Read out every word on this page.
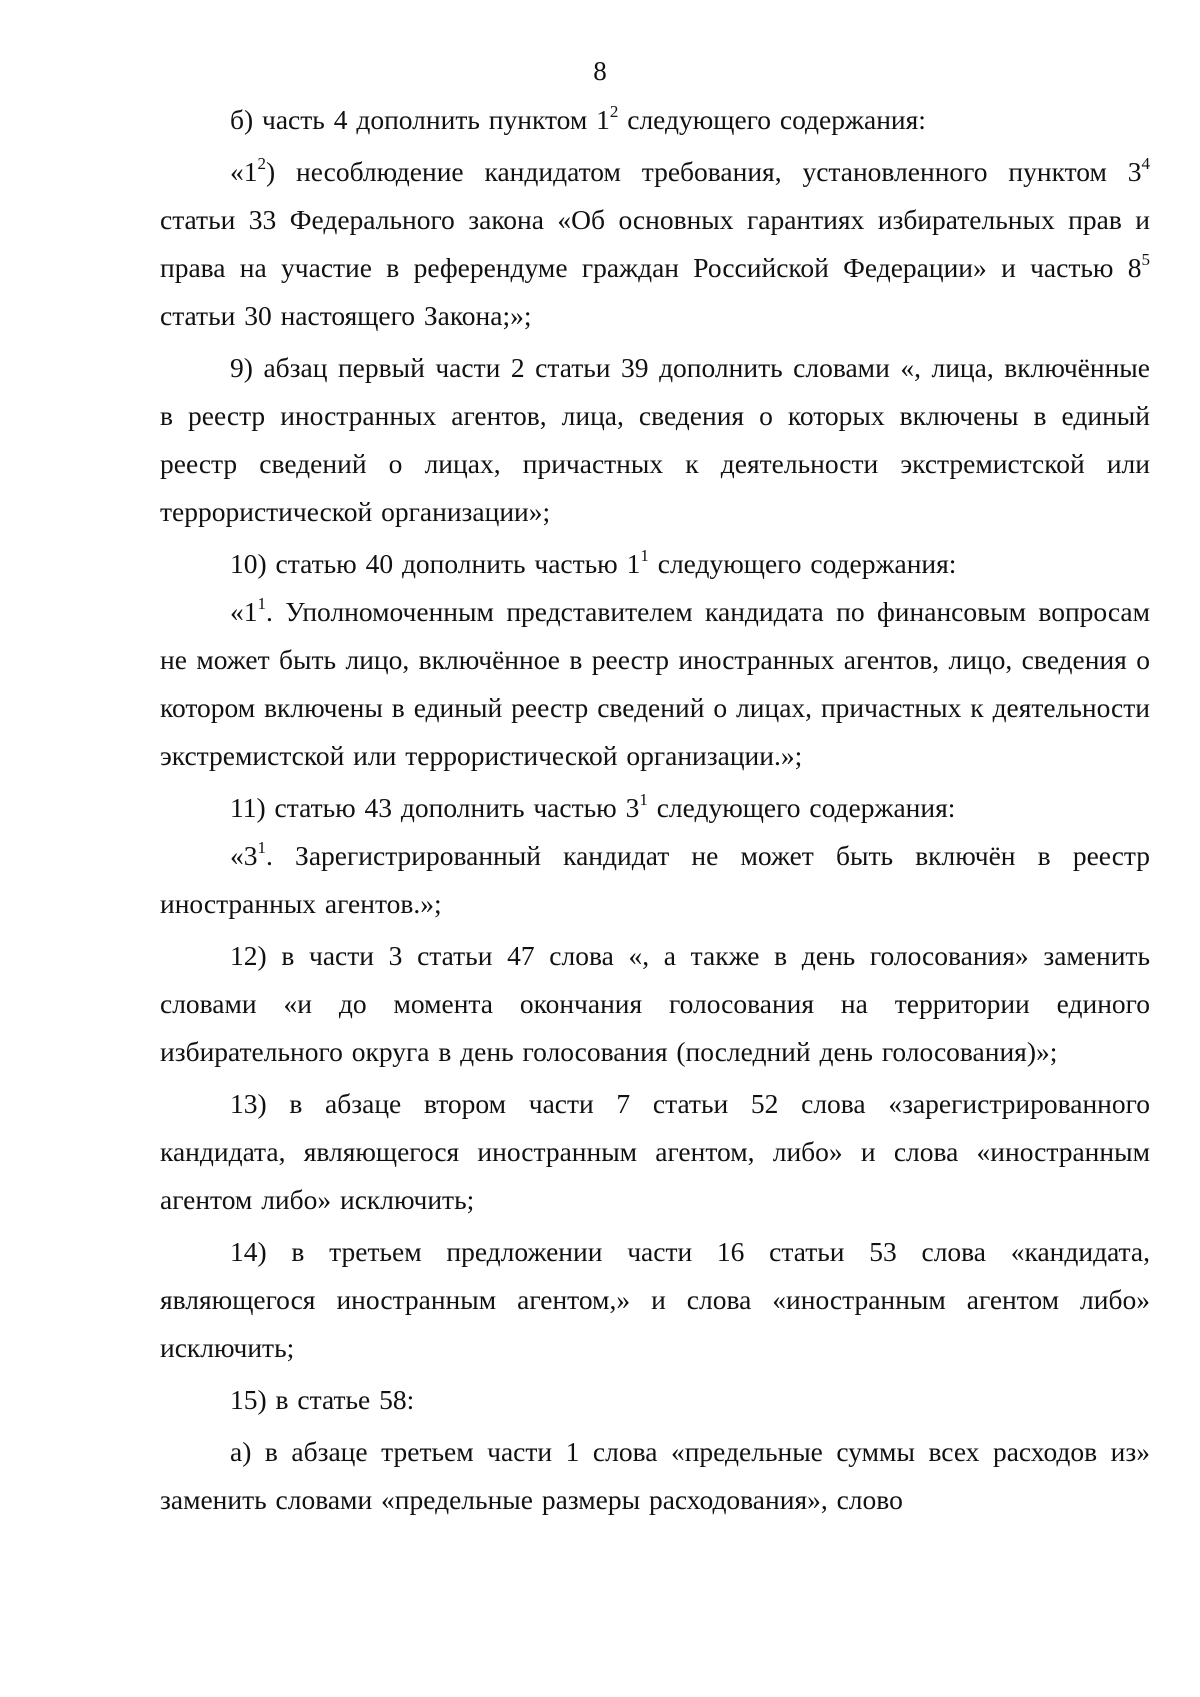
8

б) часть 4 дополнить пунктом $1^2$ следующего содержания:

«$1^2$) несоблюдение кандидатом требования, установленного пунктом $3^4$ статьи 33 Федерального закона «Об основных гарантиях избирательных прав и права на участие в референдуме граждан Российской Федерации» и частью $8^5$ статьи 30 настоящего Закона;»;

9) абзац первый части 2 статьи 39 дополнить словами «, лица, включённые в реестр иностранных агентов, лица, сведения о которых включены в единый реестр сведений о лицах, причастных к деятельности экстремистской или террористической организации»;

10) статью 40 дополнить частью $1^1$ следующего содержания:

«$1^1$. Уполномоченным представителем кандидата по финансовым вопросам не может быть лицо, включённое в реестр иностранных агентов, лицо, сведения о котором включены в единый реестр сведений о лицах, причастных к деятельности экстремистской или террористической организации.»;

11) статью 43 дополнить частью $3^1$ следующего содержания:

«$3^1$. Зарегистрированный кандидат не может быть включён в реестр иностранных агентов.»;

12) в части 3 статьи 47 слова «, а также в день голосования» заменить словами «и до момента окончания голосования на территории единого избирательного округа в день голосования (последний день голосования)»;

13) в абзаце втором части 7 статьи 52 слова «зарегистрированного кандидата, являющегося иностранным агентом, либо» и слова «иностранным агентом либо» исключить;

14) в третьем предложении части 16 статьи 53 слова «кандидата, являющегося иностранным агентом,» и слова «иностранным агентом либо» исключить;

15) в статье 58:

а) в абзаце третьем части 1 слова «предельные суммы всех расходов из» заменить словами «предельные размеры расходования», слово
